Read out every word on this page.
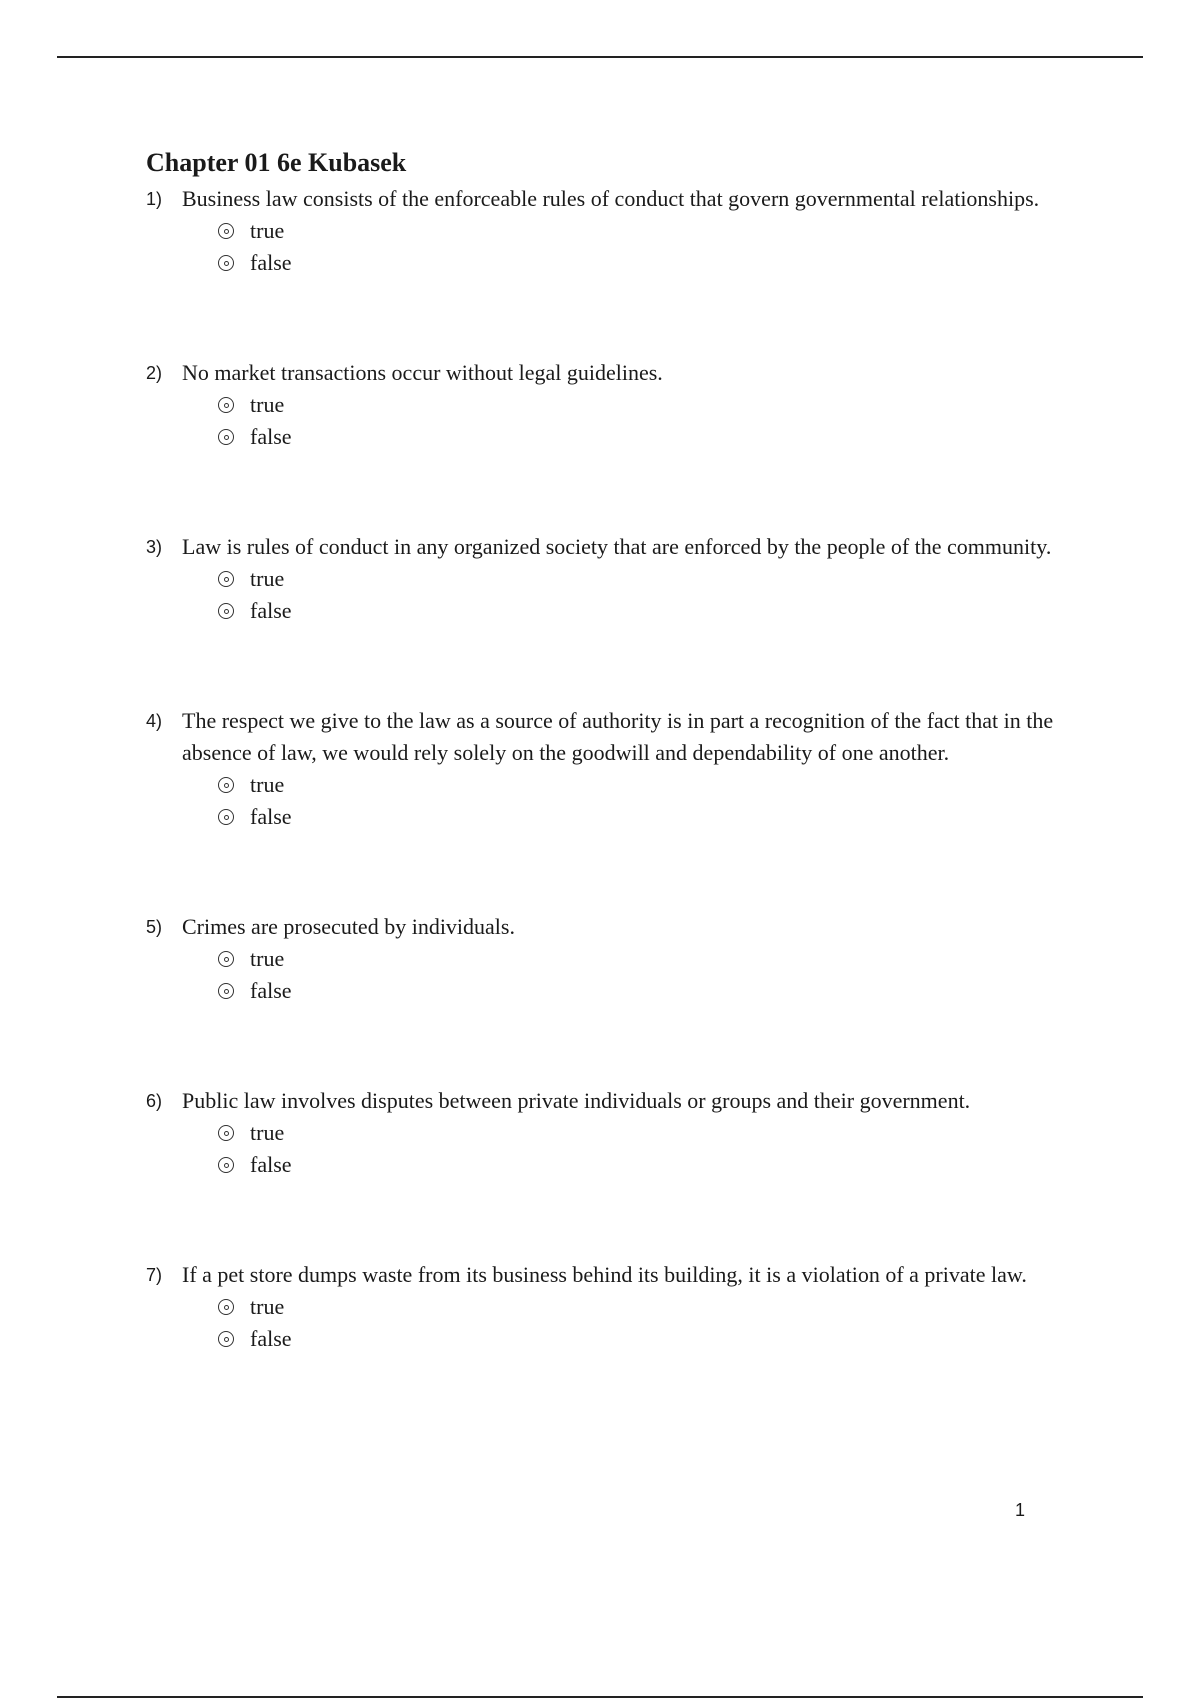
Chapter 01 6e Kubasek
1) Business law consists of the enforceable rules of conduct that govern governmental relationships.
true
false
2) No market transactions occur without legal guidelines.
true
false
3) Law is rules of conduct in any organized society that are enforced by the people of the community.
true
false
4) The respect we give to the law as a source of authority is in part a recognition of the fact that in the absence of law, we would rely solely on the goodwill and dependability of one another.
true
false
5) Crimes are prosecuted by individuals.
true
false
6) Public law involves disputes between private individuals or groups and their government.
true
false
7) If a pet store dumps waste from its business behind its building, it is a violation of a private law.
true
false
1
